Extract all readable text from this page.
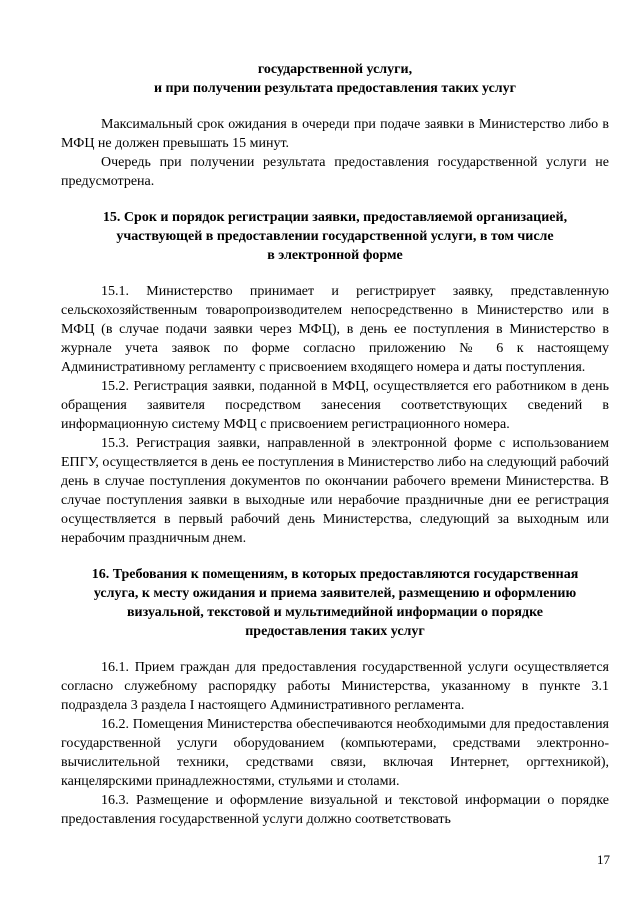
государственной услуги,
и при получении результата предоставления таких услуг

Максимальный срок ожидания в очереди при подаче заявки в Министерство либо в МФЦ не должен превышать 15 минут.

Очередь при получении результата предоставления государственной услуги не предусмотрена.

15. Срок и порядок регистрации заявки, предоставляемой организацией,
участвующей в предоставлении государственной услуги, в том числе
в электронной форме

15.1. Министерство принимает и регистрирует заявку, представленную сельскохозяйственным товаропроизводителем непосредственно в Министерство или в МФЦ (в случае подачи заявки через МФЦ), в день ее поступления в Министерство в журнале учета заявок по форме согласно приложению № 6 к настоящему Административному регламенту с присвоением входящего номера и даты поступления.

15.2. Регистрация заявки, поданной в МФЦ, осуществляется его работником в день обращения заявителя посредством занесения соответствующих сведений в информационную систему МФЦ с присвоением регистрационного номера.

15.3. Регистрация заявки, направленной в электронной форме с использованием ЕПГУ, осуществляется в день ее поступления в Министерство либо на следующий рабочий день в случае поступления документов по окончании рабочего времени Министерства. В случае поступления заявки в выходные или нерабочие праздничные дни ее регистрация осуществляется в первый рабочий день Министерства, следующий за выходным или нерабочим праздничным днем.

16. Требования к помещениям, в которых предоставляются государственная
услуга, к месту ожидания и приема заявителей, размещению и оформлению
визуальной, текстовой и мультимедийной информации о порядке
предоставления таких услуг

16.1. Прием граждан для предоставления государственной услуги осуществляется согласно служебному распорядку работы Министерства, указанному в пункте 3.1 подраздела 3 раздела I настоящего Административного регламента.

16.2. Помещения Министерства обеспечиваются необходимыми для предоставления государственной услуги оборудованием (компьютерами, средствами электронно-вычислительной техники, средствами связи, включая Интернет, оргтехникой), канцелярскими принадлежностями, стульями и столами.

16.3. Размещение и оформление визуальной и текстовой информации о порядке предоставления государственной услуги должно соответствовать

17
